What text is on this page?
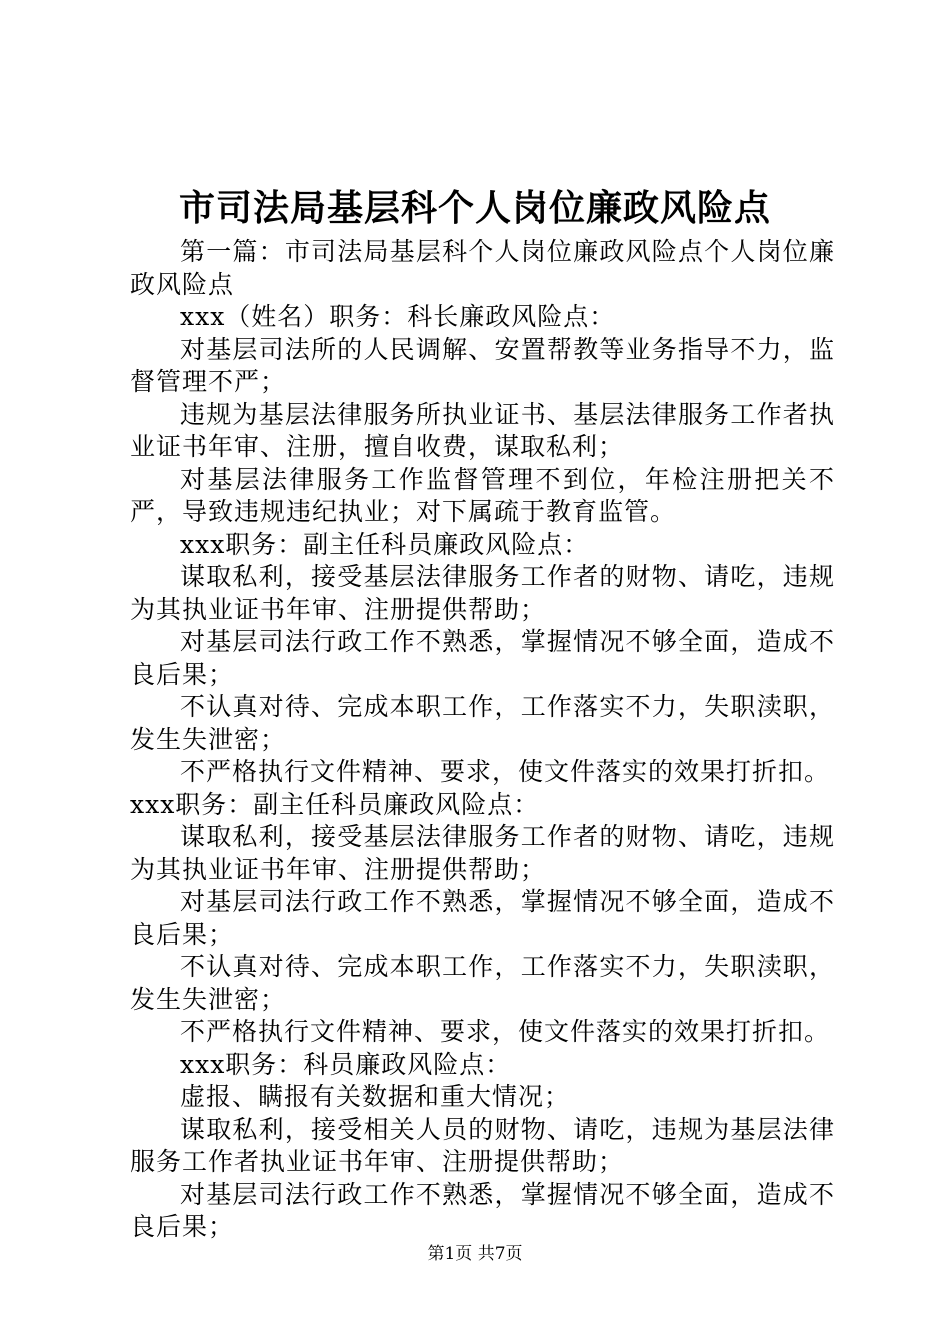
市司法局基层科个人岗位廉政风险点

第一篇：市司法局基层科个人岗位廉政风险点个人岗位廉政风险点

xxx（姓名）职务：科长廉政风险点：

对基层司法所的人民调解、安置帮教等业务指导不力，监督管理不严；

违规为基层法律服务所执业证书、基层法律服务工作者执业证书年审、注册，擅自收费，谋取私利；

对基层法律服务工作监督管理不到位，年检注册把关不严，导致违规违纪执业；对下属疏于教育监管。

xxx职务：副主任科员廉政风险点：

谋取私利，接受基层法律服务工作者的财物、请吃，违规为其执业证书年审、注册提供帮助；

对基层司法行政工作不熟悉，掌握情况不够全面，造成不良后果；

不认真对待、完成本职工作，工作落实不力，失职渎职，发生失泄密；

不严格执行文件精神、要求，使文件落实的效果打折扣。

xxx职务：副主任科员廉政风险点：

谋取私利，接受基层法律服务工作者的财物、请吃，违规为其执业证书年审、注册提供帮助；

对基层司法行政工作不熟悉，掌握情况不够全面，造成不良后果；

不认真对待、完成本职工作，工作落实不力，失职渎职，发生失泄密；

不严格执行文件精神、要求，使文件落实的效果打折扣。

xxx职务：科员廉政风险点：

虚报、瞒报有关数据和重大情况；

谋取私利，接受相关人员的财物、请吃，违规为基层法律服务工作者执业证书年审、注册提供帮助；

对基层司法行政工作不熟悉，掌握情况不够全面，造成不良后果；

第1页 共7页
